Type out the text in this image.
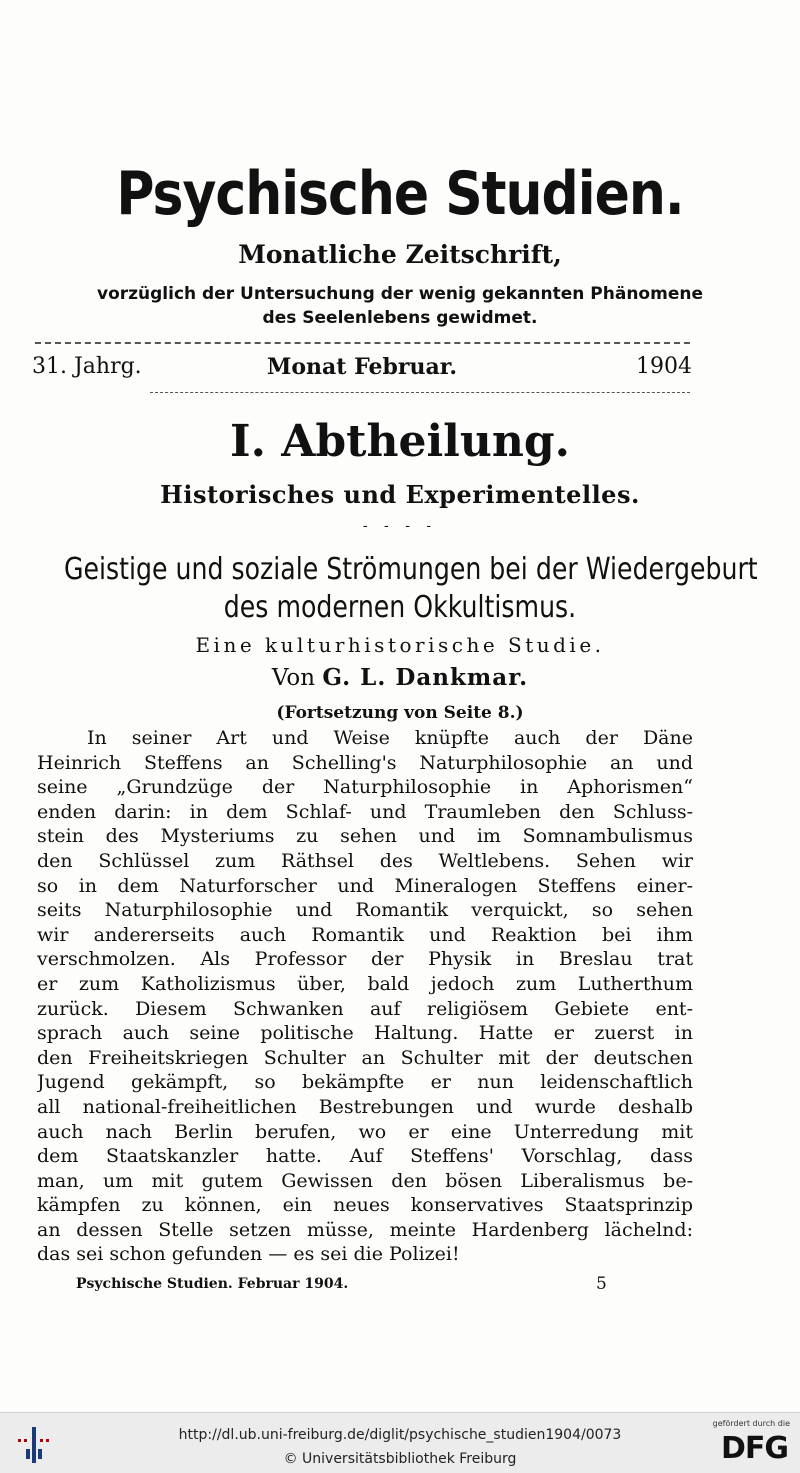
Psychische Studien.
Monatliche Zeitschrift,
vorzüglich der Untersuchung der wenig gekannten Phänomene
des Seelenlebens gewidmet.
31. Jahrg.	Monat Februar.	1904
I. Abtheilung.
Historisches und Experimentelles.
- - - -
Geistige und soziale Strömungen bei der Wiedergeburt
des modernen Okkultismus.
Eine kulturhistorische Studie.
Von G. L. Dankmar.
(Fortsetzung von Seite 8.)
In seiner Art und Weise knüpfte auch der Däne
Heinrich Steffens an Schelling's Naturphilosophie an und
seine „Grundzüge der Naturphilosophie in Aphorismen“
enden darin: in dem Schlaf- und Traumleben den Schluss-
stein des Mysteriums zu sehen und im Somnambulismus
den Schlüssel zum Räthsel des Weltlebens. Sehen wir
so in dem Naturforscher und Mineralogen Steffens einer-
seits Naturphilosophie und Romantik verquickt, so sehen
wir andererseits auch Romantik und Reaktion bei ihm
verschmolzen. Als Professor der Physik in Breslau trat
er zum Katholizismus über, bald jedoch zum Lutherthum
zurück. Diesem Schwanken auf religiösem Gebiete ent-
sprach auch seine politische Haltung. Hatte er zuerst in
den Freiheitskriegen Schulter an Schulter mit der deutschen
Jugend gekämpft, so bekämpfte er nun leidenschaftlich
all national-freiheitlichen Bestrebungen und wurde deshalb
auch nach Berlin berufen, wo er eine Unterredung mit
dem Staatskanzler hatte. Auf Steffens' Vorschlag, dass
man, um mit gutem Gewissen den bösen Liberalismus be-
kämpfen zu können, ein neues konservatives Staatsprinzip
an dessen Stelle setzen müsse, meinte Hardenberg lächelnd:
das sei schon gefunden — es sei die Polizei!
Psychische Studien. Februar 1904.	5
http://dl.ub.uni-freiburg.de/diglit/psychische_studien1904/0073
© Universitätsbibliothek Freiburg
gefördert durch die
DFG
